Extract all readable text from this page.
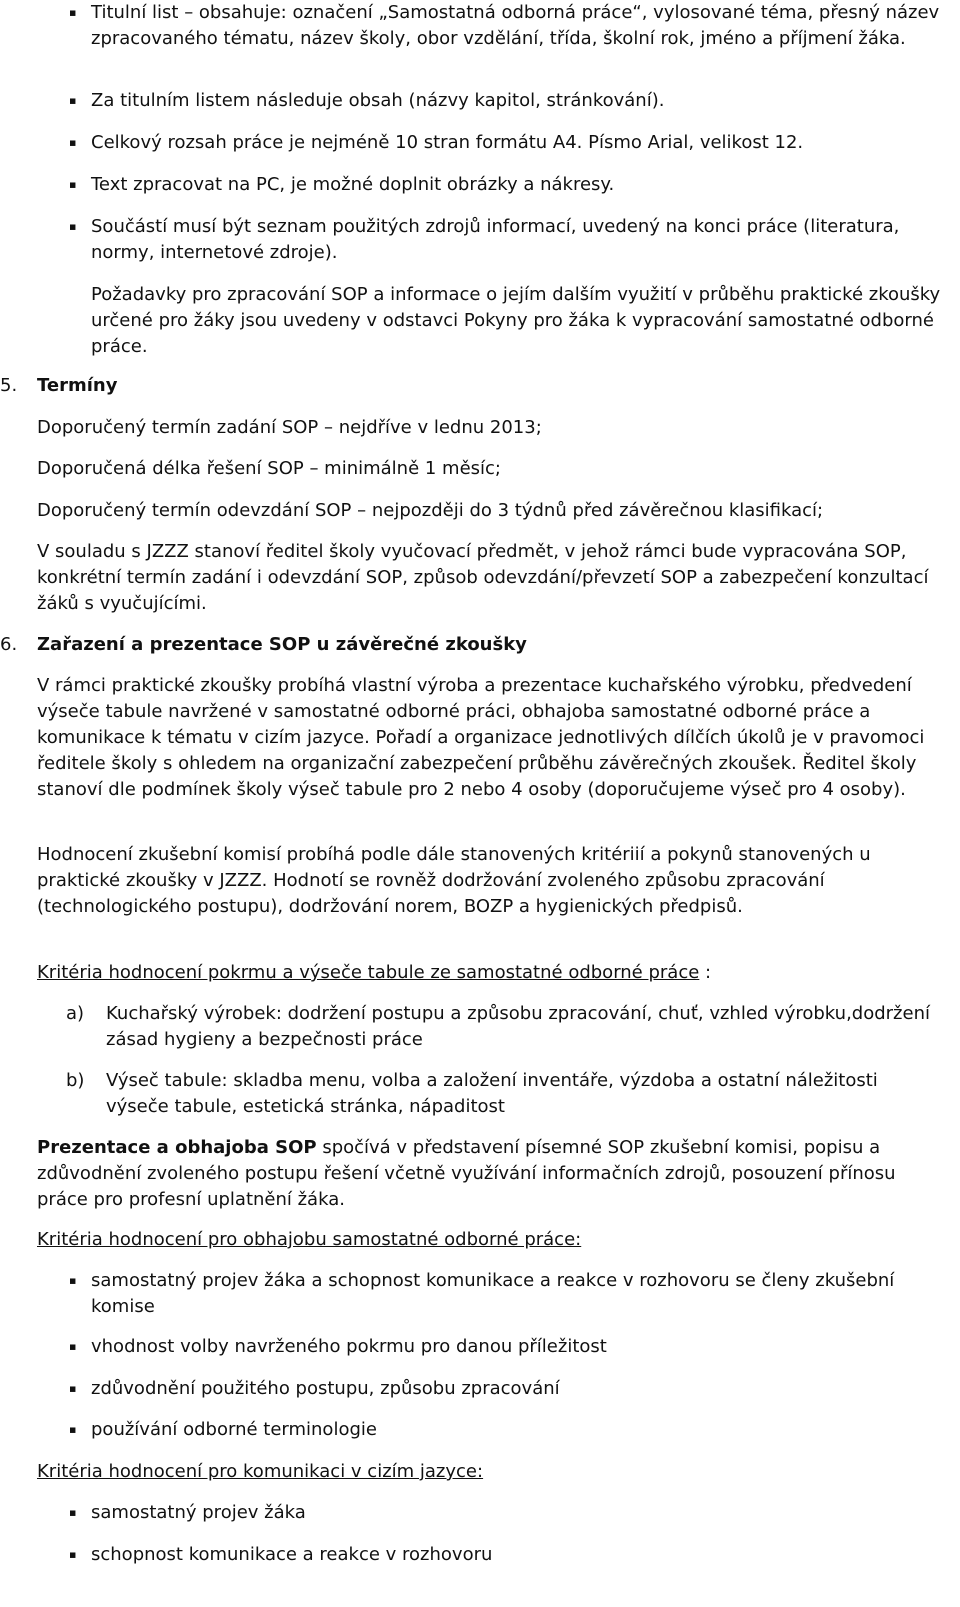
▪ Titulní list – obsahuje: označení „Samostatná odborná práce“, vylosované téma, přesný název zpracovaného tématu, název školy, obor vzdělání, třída, školní rok, jméno a příjmení žáka.

▪ Za titulním listem následuje obsah (názvy kapitol, stránkování).

▪ Celkový rozsah práce je nejméně 10 stran formátu A4. Písmo Arial, velikost 12.

▪ Text zpracovat na PC, je možné doplnit obrázky a nákresy.

▪ Součástí musí být seznam použitých zdrojů informací, uvedený na konci práce (literatura, normy, internetové zdroje).

Požadavky pro zpracování SOP a informace o jejím dalším využití v průběhu praktické zkoušky určené pro žáky jsou uvedeny v odstavci Pokyny pro žáka k vypracování samostatné odborné práce.

5. Termíny

Doporučený termín zadání SOP – nejdříve v lednu 2013;

Doporučená délka řešení SOP – minimálně 1 měsíc;

Doporučený termín odevzdání SOP – nejpozději do 3 týdnů před závěrečnou klasifikací;

V souladu s JZZZ stanoví ředitel školy vyučovací předmět, v jehož rámci bude vypracována SOP, konkrétní termín zadání i odevzdání SOP, způsob odevzdání/převzetí SOP a zabezpečení konzultací žáků s vyučujícími.

6. Zařazení a prezentace SOP u závěrečné zkoušky

V rámci praktické zkoušky probíhá vlastní výroba a prezentace kuchařského výrobku, předvedení výseče tabule navržené v samostatné odborné práci, obhajoba samostatné odborné práce a komunikace k tématu v cizím jazyce. Pořadí a organizace jednotlivých dílčích úkolů je v pravomoci ředitele školy s ohledem na organizační zabezpečení průběhu závěrečných zkoušek. Ředitel školy stanoví dle podmínek školy výseč tabule pro 2 nebo 4 osoby (doporučujeme výseč pro 4 osoby).

Hodnocení zkušební komisí probíhá podle dále stanovených kritériií a pokynů stanovených u praktické zkoušky v JZZZ. Hodnotí se rovněž dodržování zvoleného způsobu zpracování (technologického postupu), dodržování norem, BOZP a hygienických předpisů.

Kritéria hodnocení pokrmu a výseče tabule ze samostatné odborné práce :

a) Kuchařský výrobek: dodržení postupu a způsobu zpracování, chuť, vzhled výrobku,dodržení zásad hygieny a bezpečnosti práce
b) Výseč tabule: skladba menu, volba a založení inventáře, výzdoba a ostatní náležitosti výseče tabule, estetická stránka, nápaditost

Prezentace a obhajoba SOP spočívá v představení písemné SOP zkušební komisi, popisu a zdůvodnění zvoleného postupu řešení včetně využívání informačních zdrojů, posouzení přínosu práce pro profesní uplatnění žáka.

Kritéria hodnocení pro obhajobu samostatné odborné práce:

▪ samostatný projev žáka a schopnost komunikace a reakce v rozhovoru se členy zkušební komise

▪ vhodnost volby navrženého pokrmu pro danou příležitost

▪ zdůvodnění použitého postupu, způsobu zpracování

▪ používání odborné terminologie

Kritéria hodnocení pro komunikaci v cizím jazyce:

▪ samostatný projev žáka

▪ schopnost komunikace a reakce v rozhovoru
